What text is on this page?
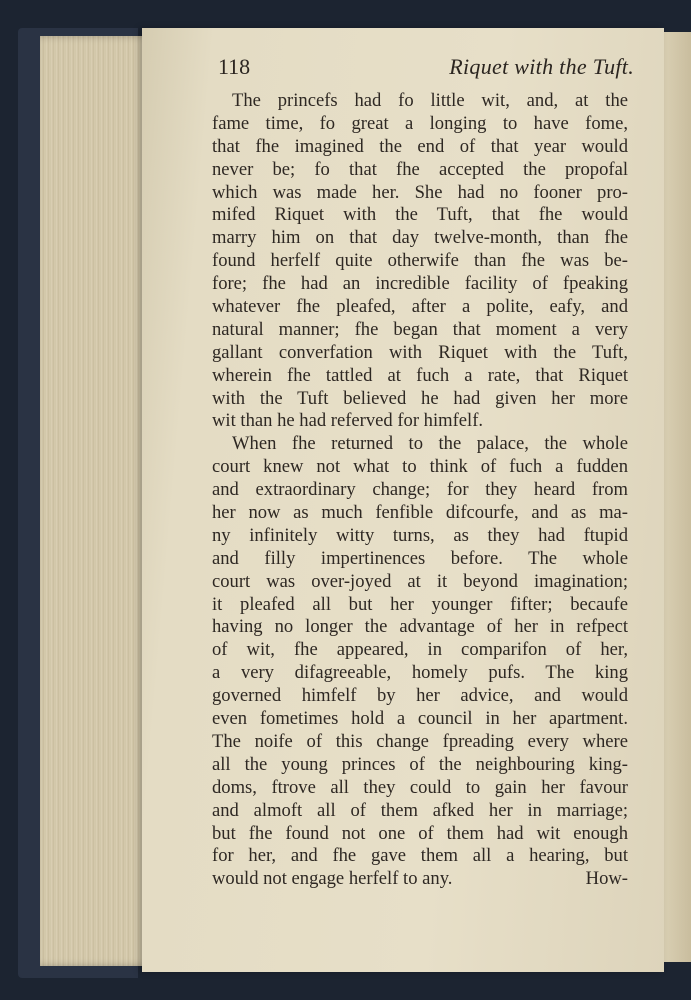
118	Riquet with the Tuft.
The princefs had fo little wit, and, at the
fame time, fo great a longing to have fome,
that fhe imagined the end of that year would
never be; fo that fhe accepted the propofal
which was made her. She had no fooner pro-
mifed Riquet with the Tuft, that fhe would
marry him on that day twelve-month, than fhe
found herfelf quite otherwife than fhe was be-
fore; fhe had an incredible facility of fpeaking
whatever fhe pleafed, after a polite, eafy, and
natural manner; fhe began that moment a very
gallant converfation with Riquet with the Tuft,
wherein fhe tattled at fuch a rate, that Riquet
with the Tuft believed he had given her more
wit than he had referved for himfelf.
When fhe returned to the palace, the whole
court knew not what to think of fuch a fudden
and extraordinary change; for they heard from
her now as much fenfible difcourfe, and as ma-
ny infinitely witty turns, as they had ftupid
and filly impertinences before. The whole
court was over-joyed at it beyond imagination;
it pleafed all but her younger fifter; becaufe
having no longer the advantage of her in refpect
of wit, fhe appeared, in comparifon of her,
a very difagreeable, homely pufs. The king
governed himfelf by her advice, and would
even fometimes hold a council in her apartment.
The noife of this change fpreading every where
all the young princes of the neighbouring king-
doms, ftrove all they could to gain her favour
and almoft all of them afked her in marriage;
but fhe found not one of them had wit enough
for her, and fhe gave them all a hearing, but
would not engage herfelf to any.	How-
